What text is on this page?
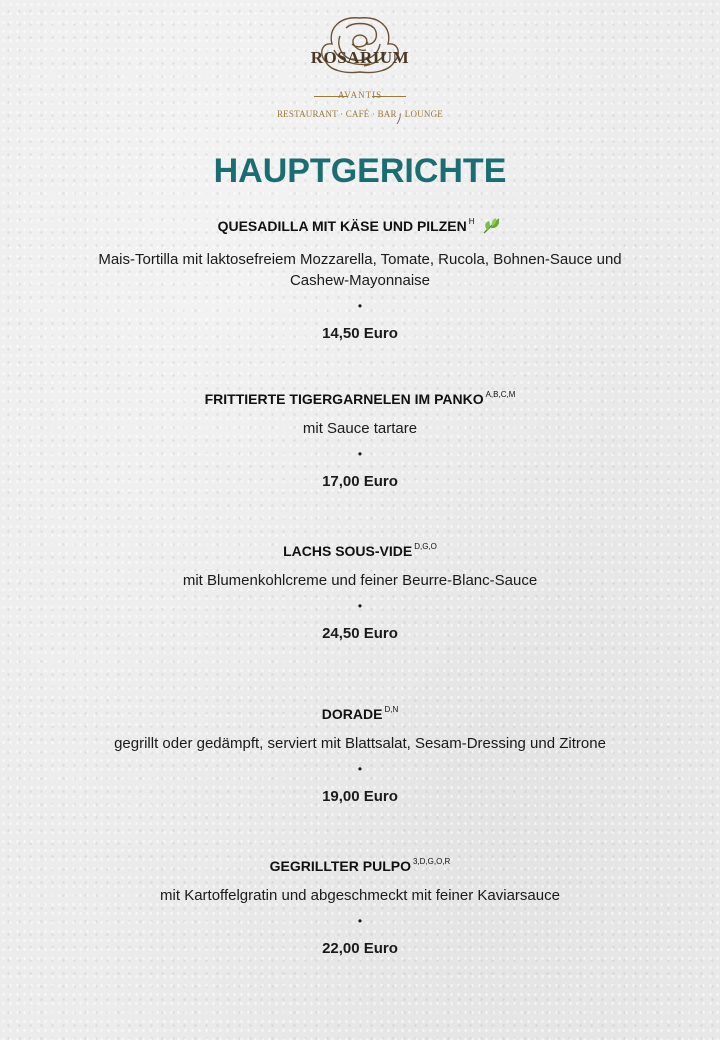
ROSARIUM
AVANTIS
RESTAURANT · CAFÉ · BAR · LOUNGE
HAUPTGERICHTE
QUESADILLA MIT KÄSE UND PILZEN $^H$
Mais-Tortilla mit laktosefreiem Mozzarella, Tomate, Rucola, Bohnen-Sauce und Cashew-Mayonnaise
•
14,50 Euro
FRITTIERTE TIGERGARNELEN IM PANKO $^{A,B,C,M}$
mit Sauce tartare
•
17,00 Euro
LACHS SOUS-VIDE $^{D,G,O}$
mit Blumenkohlcreme und feiner Beurre-Blanc-Sauce
•
24,50 Euro
DORADE $^{D,N}$
gegrillt oder gedämpft, serviert mit Blattsalat, Sesam-Dressing und Zitrone
•
19,00 Euro
GEGRILLTER PULPO $^{3,D,G,O,R}$
mit Kartoffelgratin und abgeschmeckt mit feiner Kaviarsauce
•
22,00 Euro
